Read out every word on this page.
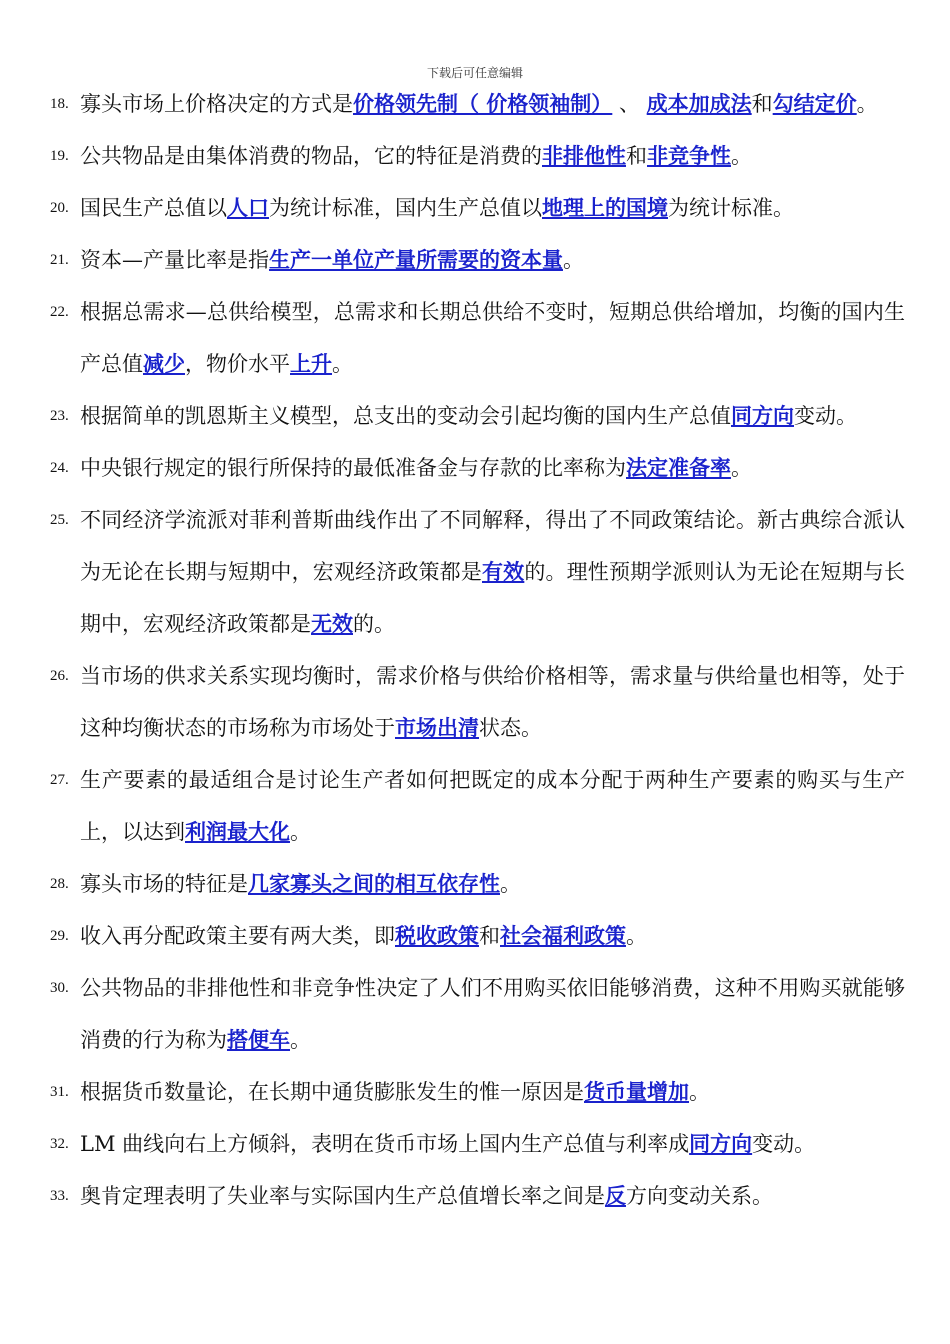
下载后可任意编辑
18. 寡头市场上价格决定的方式是价格领先制（ 价格领袖制） 、 成本加成法和勾结定价。
19. 公共物品是由集体消费的物品，它的特征是消费的非排他性和非竞争性。
20. 国民生产总值以人口为统计标准，国内生产总值以地理上的国境为统计标准。
21. 资本—产量比率是指生产一单位产量所需要的资本量。
22. 根据总需求—总供给模型，总需求和长期总供给不变时，短期总供给增加，均衡的国内生产总值减少，物价水平上升。
23. 根据简单的凯恩斯主义模型，总支出的变动会引起均衡的国内生产总值同方向变动。
24. 中央银行规定的银行所保持的最低准备金与存款的比率称为法定准备率。
25. 不同经济学流派对菲利普斯曲线作出了不同解释，得出了不同政策结论。新古典综合派认为无论在长期与短期中，宏观经济政策都是有效的。理性预期学派则认为无论在短期与长期中，宏观经济政策都是无效的。
26. 当市场的供求关系实现均衡时，需求价格与供给价格相等，需求量与供给量也相等，处于这种均衡状态的市场称为市场处于市场出清状态。
27. 生产要素的最适组合是讨论生产者如何把既定的成本分配于两种生产要素的购买与生产上，以达到利润最大化。
28. 寡头市场的特征是几家寡头之间的相互依存性。
29. 收入再分配政策主要有两大类，即税收政策和社会福利政策。
30. 公共物品的非排他性和非竞争性决定了人们不用购买依旧能够消费，这种不用购买就能够消费的行为称为搭便车。
31. 根据货币数量论，在长期中通货膨胀发生的惟一原因是货币量增加。
32. LM 曲线向右上方倾斜，表明在货币市场上国内生产总值与利率成同方向变动。
33. 奥肯定理表明了失业率与实际国内生产总值增长率之间是反方向变动关系。
